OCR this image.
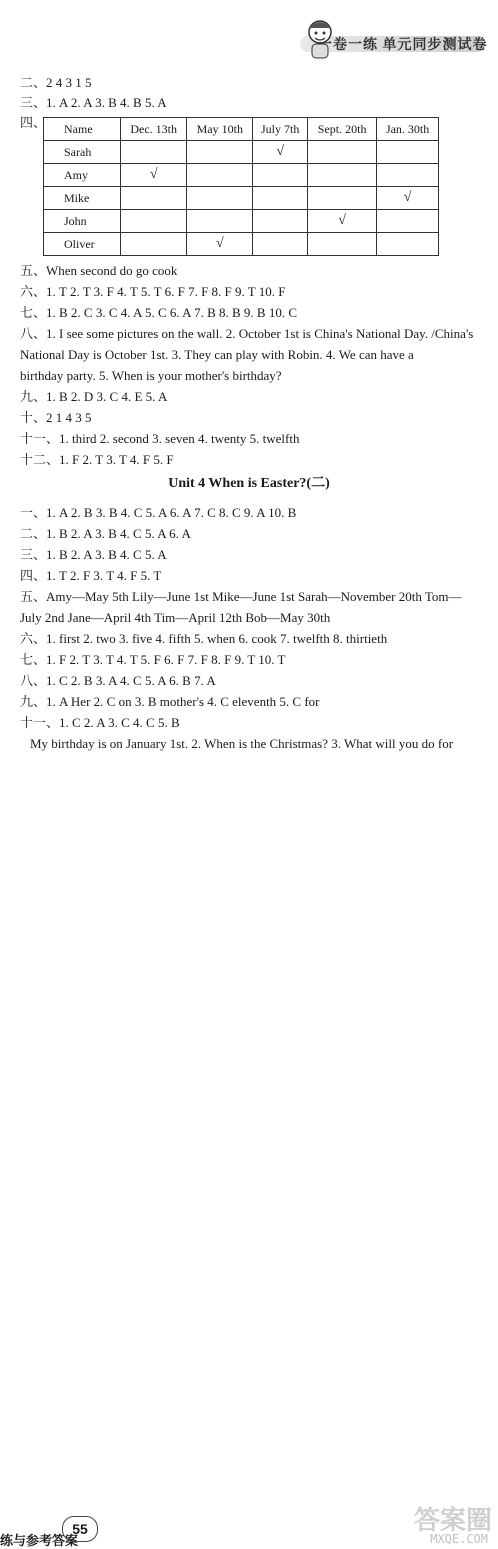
一卷一练 单元同步测试卷
二、2 4 3 1 5
三、1. A 2. A 3. B 4. B 5. A
四、 Name	Dec. 13th	May 10th	July 7th	Sept. 20th	Jan. 30th
Sarah			√		
Amy	√				
Mike					√
John				√	
Oliver		√			
五、When second do go cook
六、1. T 2. T 3. F 4. T 5. T 6. F 7. F 8. F 9. T 10. F
七、1. B 2. C 3. C 4. A 5. C 6. A 7. B 8. B 9. B 10. C
八、1. I see some pictures on the wall. 2. October 1st is China's National Day. /China's
National Day is October 1st. 3. They can play with Robin. 4. We can have a
birthday party. 5. When is your mother's birthday?
九、1. B 2. D 3. C 4. E 5. A
十、2 1 4 3 5
十一、1. third 2. second 3. seven 4. twenty 5. twelfth
十二、1. F 2. T 3. T 4. F 5. F
Unit 4 When is Easter?(二)
一、1. A 2. B 3. B 4. C 5. A 6. A 7. C 8. C 9. A 10. B
二、1. B 2. A 3. B 4. C 5. A 6. A
三、1. B 2. A 3. B 4. C 5. A
四、1. T 2. F 3. T 4. F 5. T
五、Amy—May 5th Lily—June 1st Mike—June 1st Sarah—November 20th Tom—
July 2nd Jane—April 4th Tim—April 12th Bob—May 30th
六、1. first 2. two 3. five 4. fifth 5. when 6. cook 7. twelfth 8. thirtieth
七、1. F 2. T 3. T 4. T 5. F 6. F 7. F 8. F 9. T 10. T
八、1. C 2. B 3. A 4. C 5. A 6. B 7. A
九、1. A Her 2. C on 3. B mother's 4. C eleventh 5. C for
十一、1. C 2. A 3. C 4. C 5. B
My birthday is on January 1st. 2. When is the Christmas? 3. What will you do for
练与参考答案
55	答案圈
MXQE.COM
